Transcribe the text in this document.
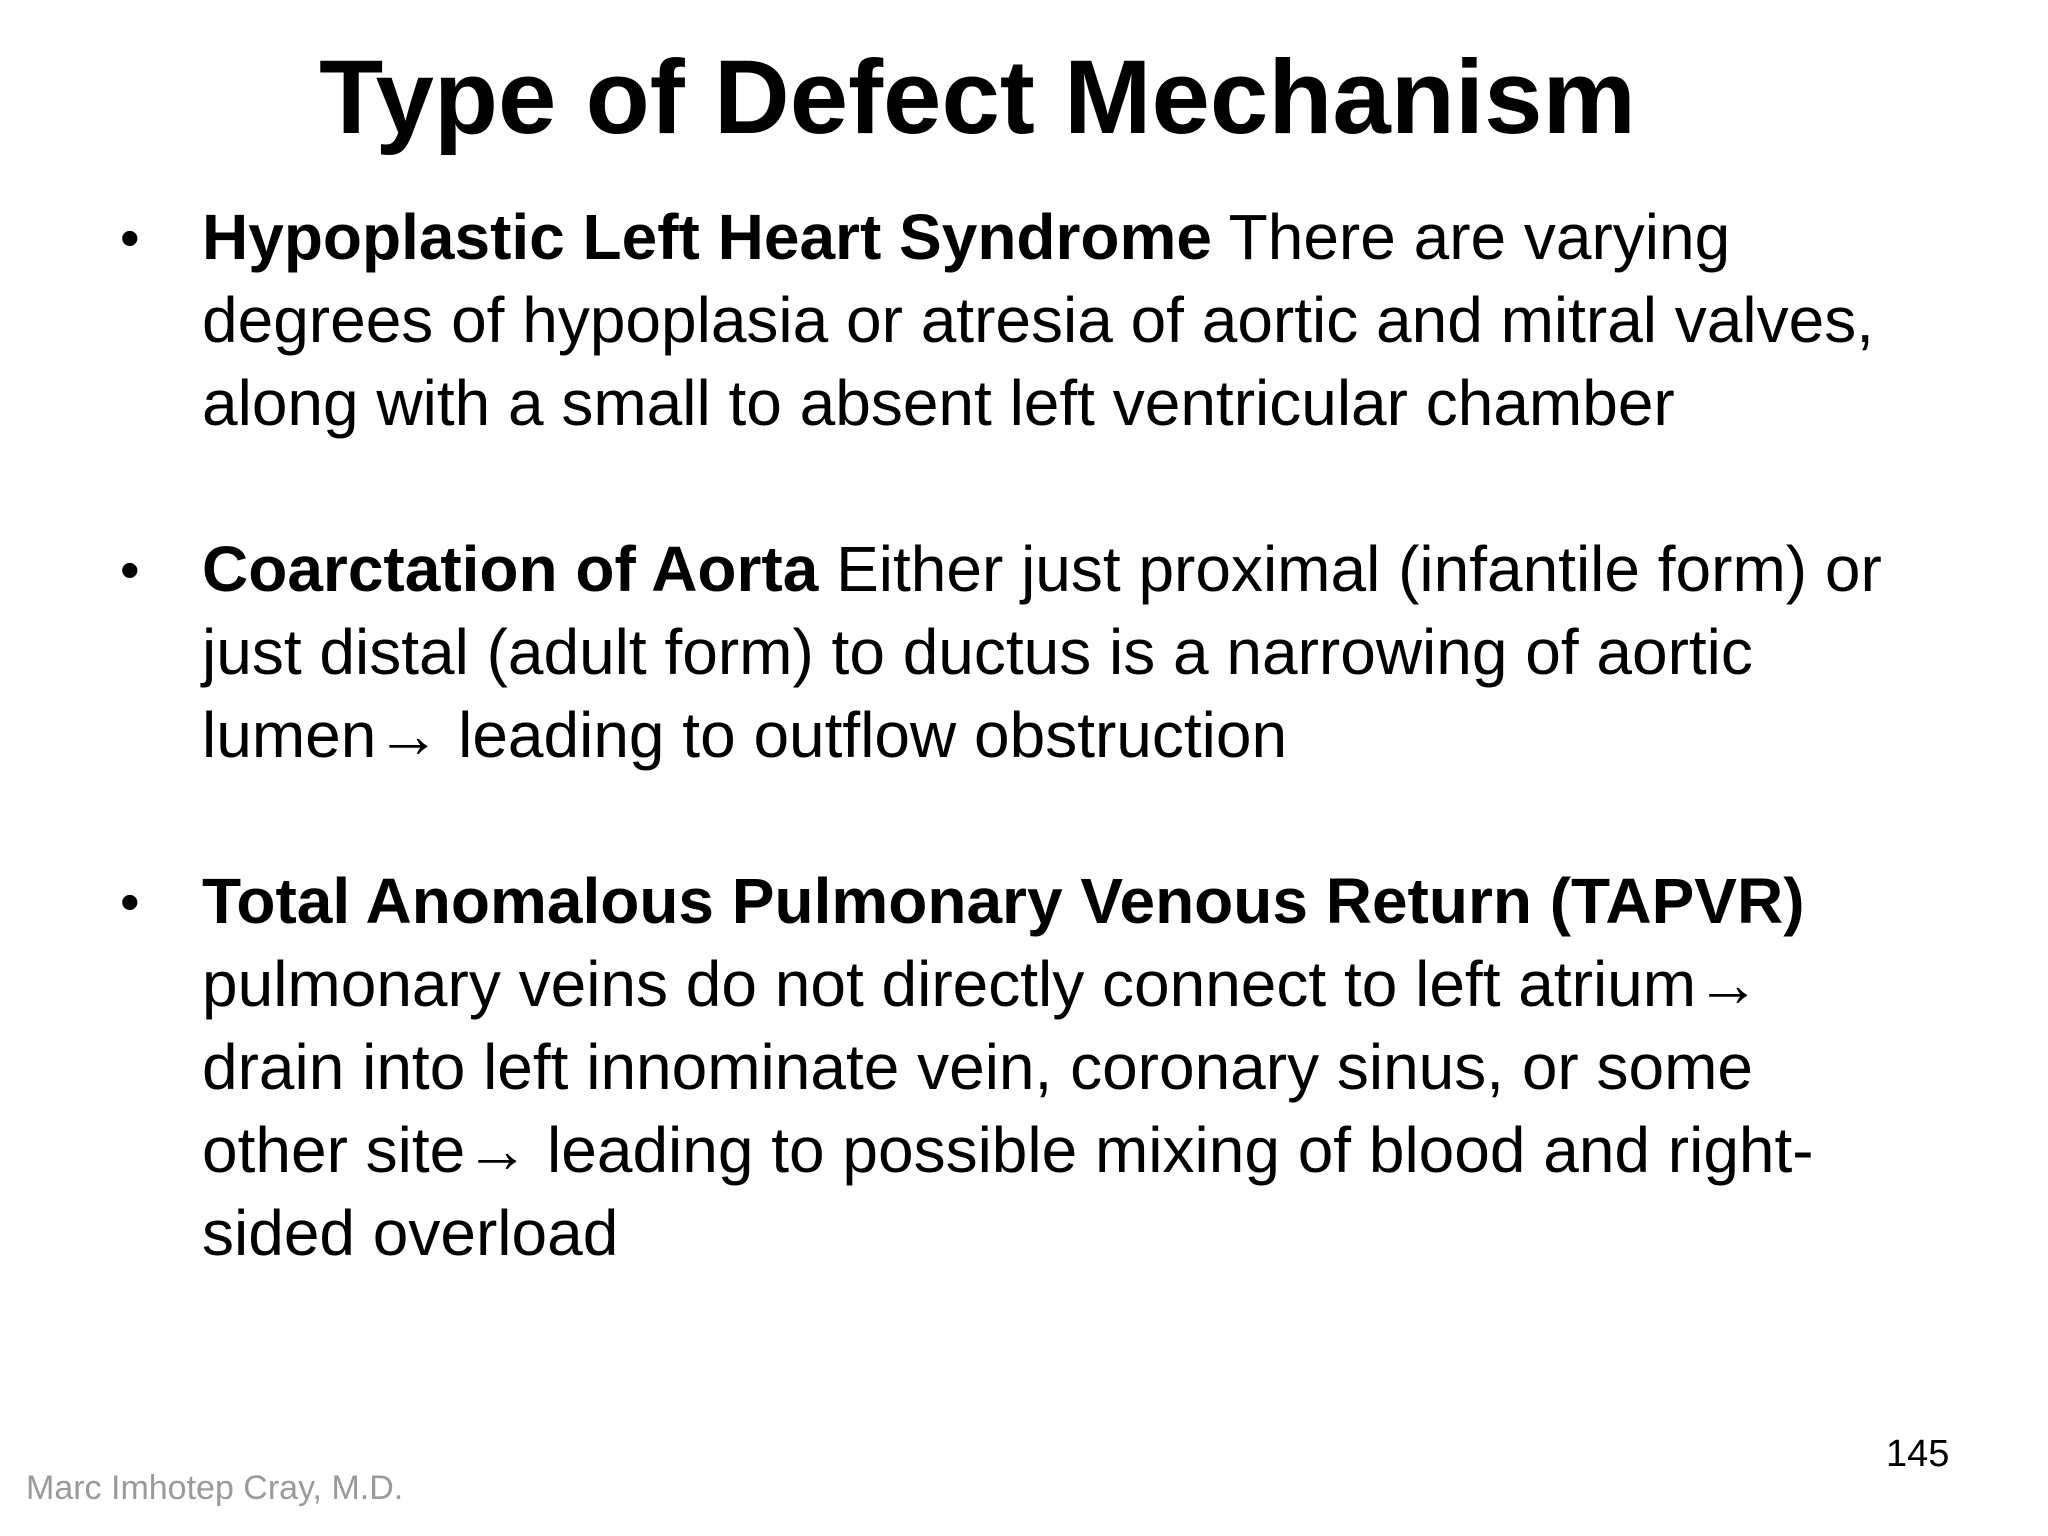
Type of Defect Mechanism
• Hypoplastic Left Heart Syndrome There are varying degrees of hypoplasia or atresia of aortic and mitral valves, along with a small to absent left ventricular chamber
• Coarctation of Aorta Either just proximal (infantile form) or just distal (adult form) to ductus is a narrowing of aortic lumen→ leading to outflow obstruction
• Total Anomalous Pulmonary Venous Return (TAPVR) pulmonary veins do not directly connect to left atrium→ drain into left innominate vein, coronary sinus, or some other site→ leading to possible mixing of blood and right-sided overload
Marc Imhotep Cray, M.D.
145
